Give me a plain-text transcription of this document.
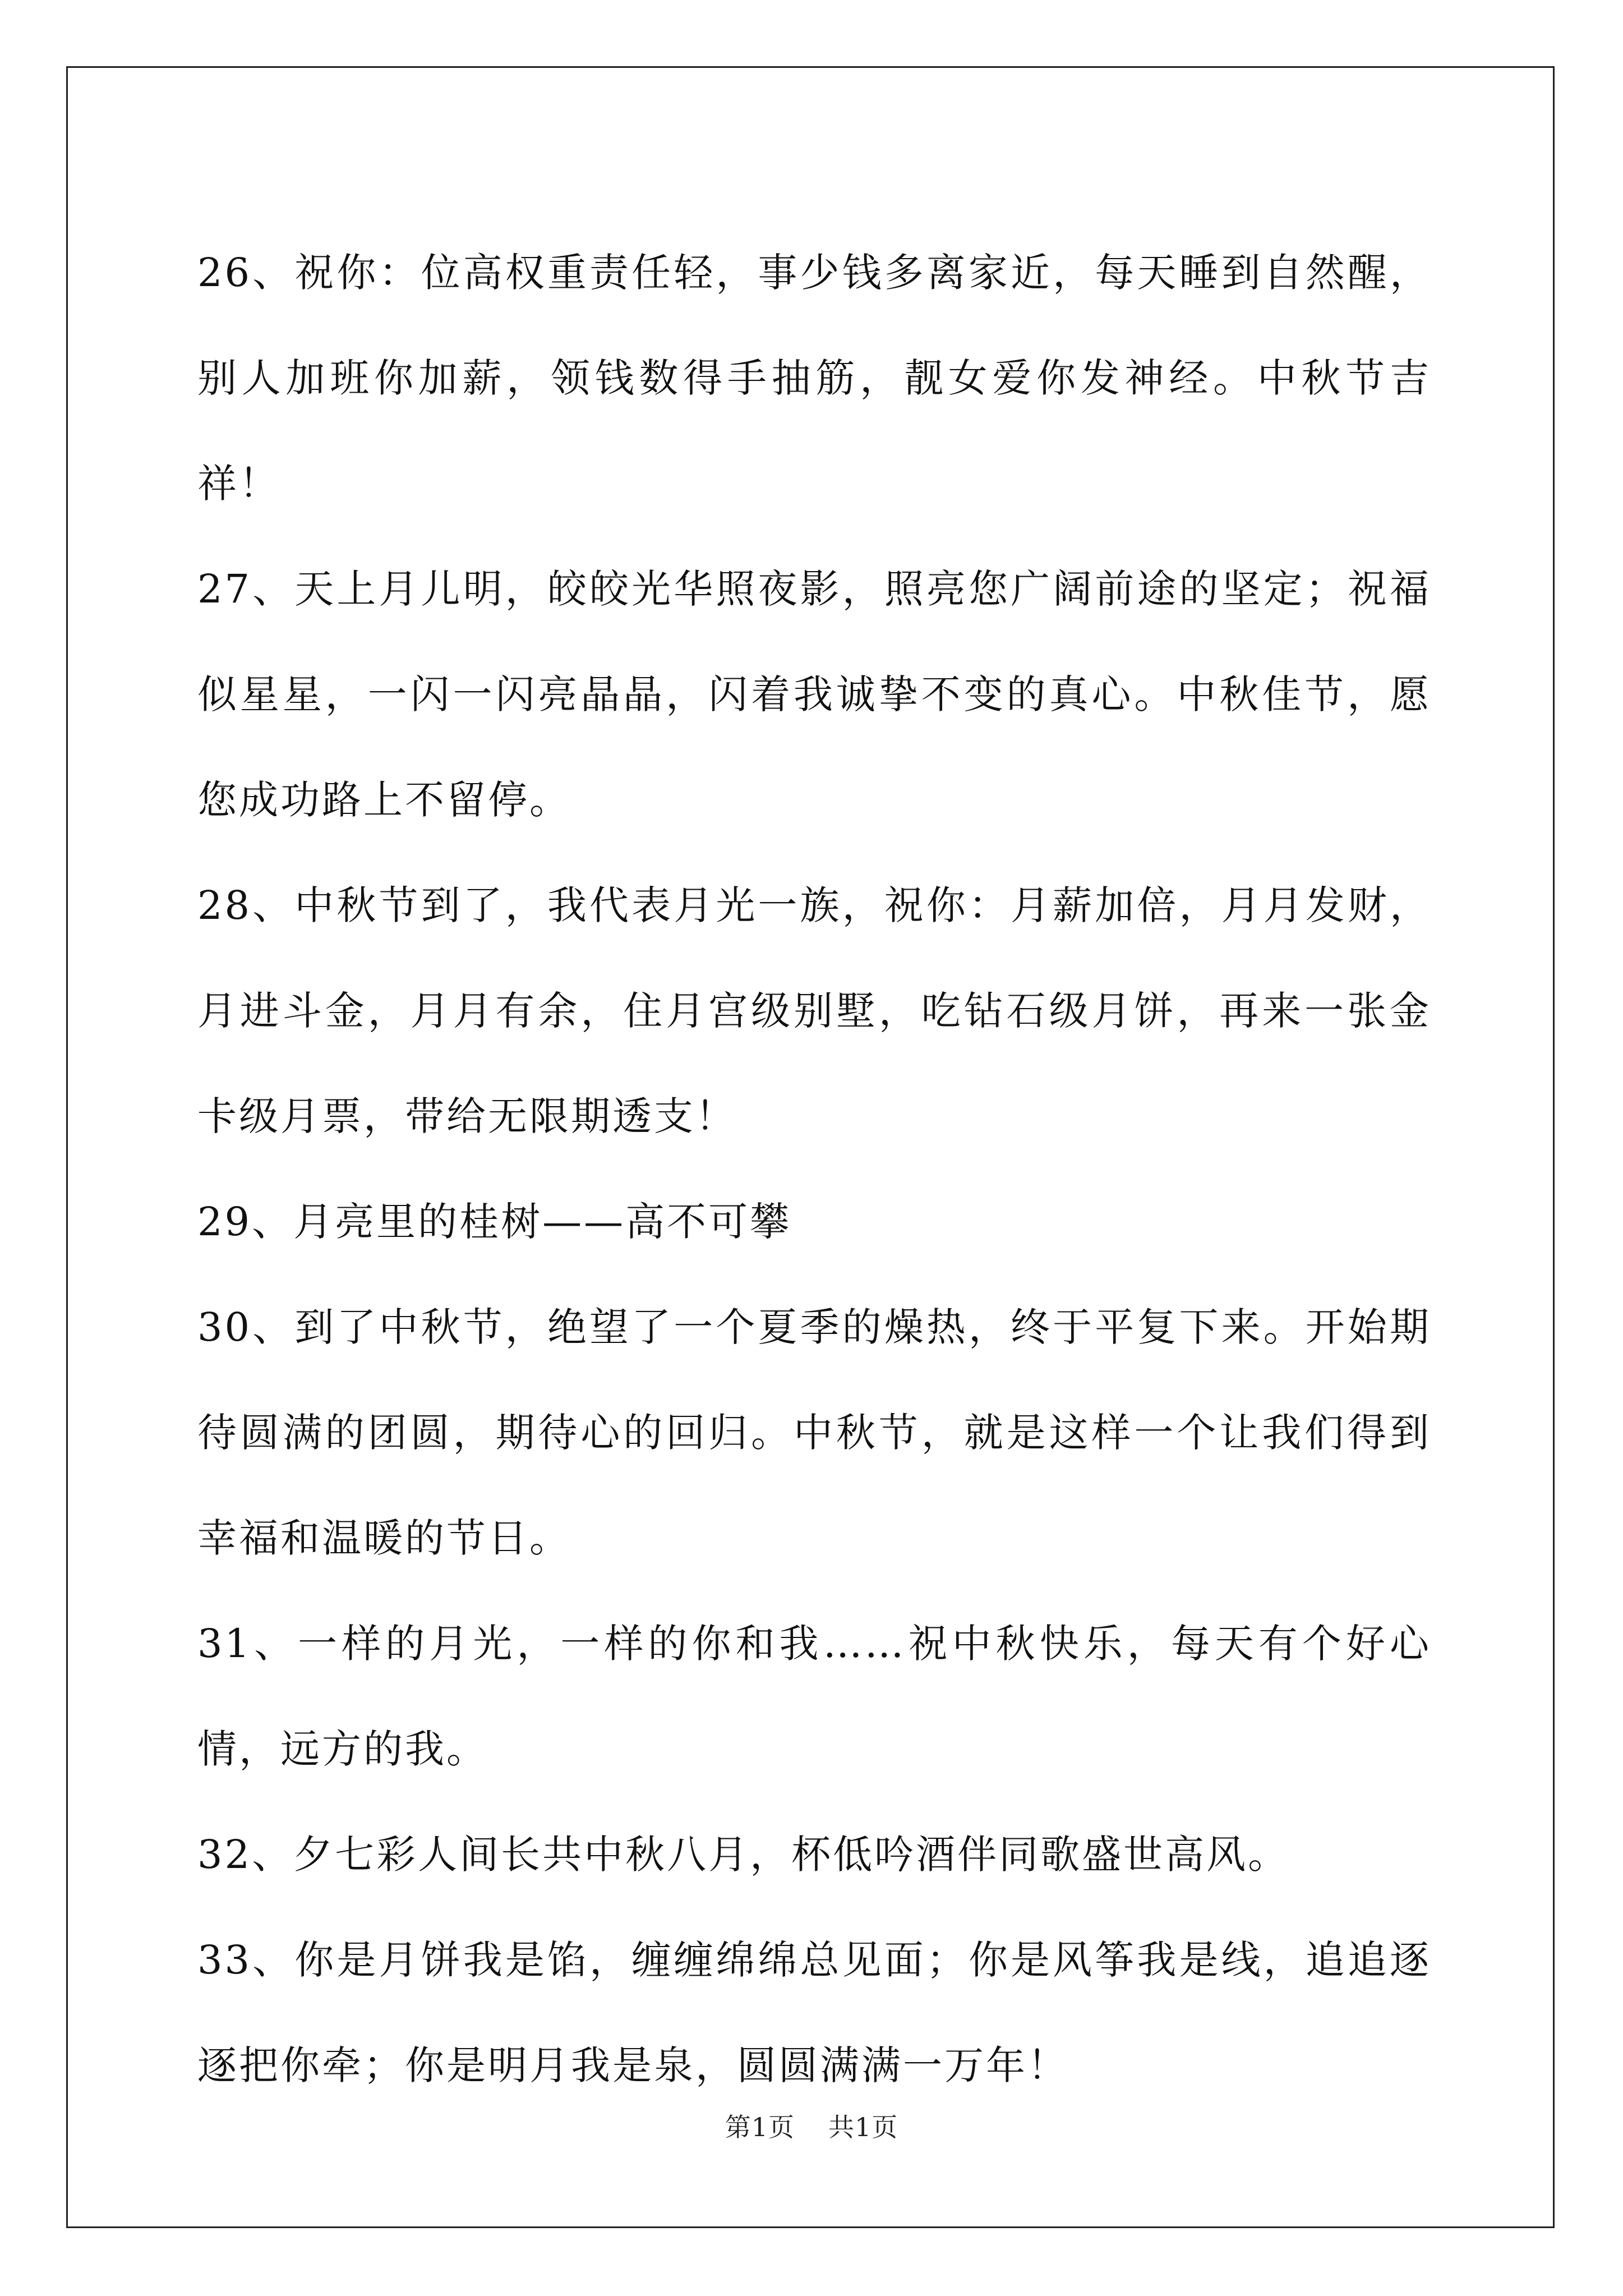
26、祝你：位高权重责任轻，事少钱多离家近，每天睡到自然醒，别人加班你加薪，领钱数得手抽筋，靓女爱你发神经。中秋节吉祥！

27、天上月儿明，皎皎光华照夜影，照亮您广阔前途的坚定；祝福似星星，一闪一闪亮晶晶，闪着我诚挚不变的真心。中秋佳节，愿您成功路上不留停。

28、中秋节到了，我代表月光一族，祝你：月薪加倍，月月发财，月进斗金，月月有余，住月宫级别墅，吃钻石级月饼，再来一张金卡级月票，带给无限期透支！

29、月亮里的桂树——高不可攀

30、到了中秋节，绝望了一个夏季的燥热，终于平复下来。开始期待圆满的团圆，期待心的回归。中秋节，就是这样一个让我们得到幸福和温暖的节日。

31、一样的月光，一样的你和我……祝中秋快乐，每天有个好心情，远方的我。

32、夕七彩人间长共中秋八月，杯低吟酒伴同歌盛世高风。

33、你是月饼我是馅，缠缠绵绵总见面；你是风筝我是线，追追逐逐把你牵；你是明月我是泉，圆圆满满一万年！

第1页 共1页
